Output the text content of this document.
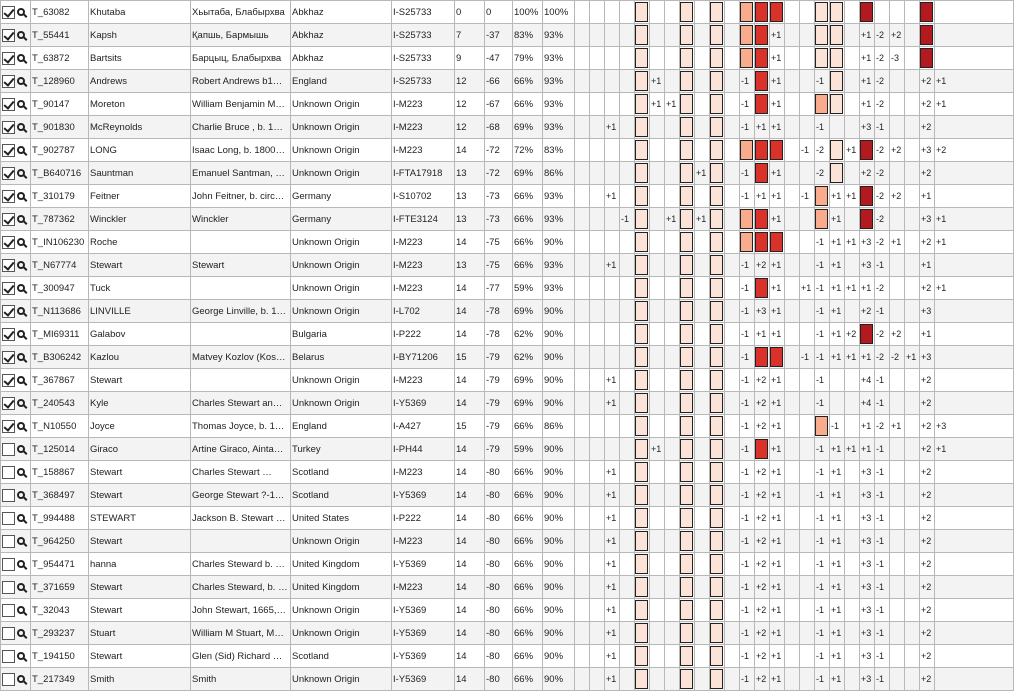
	T_63082	Khutaba	Хьытаба, Блабырхва	Abkhaz	I-S25733	0	0	100%	100%																									
	T_55441	Kapsh	Қапшь, Бармышь	Abkhaz	I-S25733	7	-37	83%	93%														+1						+1	-2	+2			
	T_63872	Bartsits	Барцыц, Блабырхва	Abkhaz	I-S25733	9	-47	79%	93%														+1						+1	-2	-3			
	T_128960	Andrews	Robert Andrews b1…	England	I-S25733	12	-66	66%	93%						+1						-1		+1			-1			+1	-2			+2	+1
	T_90147	Moreton	William Benjamin M…	Unknown Origin	I-M223	12	-67	66%	93%						+1	+1					-1		+1						+1	-2			+2	+1
	T_901830	McReynolds	Charlie Bruce , b. 1…	Unknown Origin	I-M223	12	-68	69%	93%			+1									-1	+1	+1			-1			+3	-1			+2	
	T_902787	LONG	Isaac Long, b. 1800…	Unknown Origin	I-M223	14	-72	72%	83%																-1	-2		+1		-2	+2		+3	+2
	T_B640716	Sauntman	Emanuel Santman, …	Unknown Origin	I-FTA17918	13	-72	69%	86%									+1			-1		+1			-2			+2	-2			+2	
	T_310179	Feitner	John Feitner, b. circ…	Germany	I-S10702	13	-73	66%	93%			+1									-1	+1	+1		-1		+1	+1		-2	+2		+1	
	T_787362	Winckler	Winckler	Germany	I-FTE3124	13	-73	66%	93%				-1			+1		+1					+1				+1			-2			+3	+1
	T_IN106230	Roche		Unknown Origin	I-M223	14	-75	66%	90%																	-1	+1	+1	+3	-2	+1		+2	+1
	T_N67774	Stewart	Stewart	Unknown Origin	I-M223	13	-75	66%	93%			+1									-1	+2	+1			-1	+1		+3	-1			+1	
	T_300947	Tuck		Unknown Origin	I-M223	14	-77	59%	93%												-1		+1		+1	-1	+1	+1	+1	-2			+2	+1
	T_N113686	LINVILLE	George Linville, b. 1…	Unknown Origin	I-L702	14	-78	69%	90%												-1	+3	+1			-1	+1		+2	-1			+3	
	T_MI69311	Galabov		Bulgaria	I-P222	14	-78	62%	90%												-1	+1	+1			-1	+1	+2		-2	+2		+1	
	T_B306242	Kazlou	Matvey Kozlov (Kos…	Belarus	I-BY71206	15	-79	62%	90%												-1				-1	-1	+1	+1	+1	-2	-2	+1	+3	
	T_367867	Stewart		Unknown Origin	I-M223	14	-79	69%	90%			+1									-1	+2	+1			-1			+4	-1			+2	
	T_240543	Kyle	Charles Stewart an…	Unknown Origin	I-Y5369	14	-79	69%	90%			+1									-1	+2	+1			-1			+4	-1			+2	
	T_N10550	Joyce	Thomas Joyce, b. 1…	England	I-A427	15	-79	66%	86%												-1	+2	+1				-1		+1	-2	+1		+2	+3
	T_125014	Giraco	Artine Giraco, Ainta…	Turkey	I-PH44	14	-79	59%	90%						+1						-1		+1			-1	+1	+1	+1	-1			+2	+1
	T_158867	Stewart	Charles Stewart …	Scotland	I-M223	14	-80	66%	90%			+1									-1	+2	+1			-1	+1		+3	-1			+2	
	T_368497	Stewart	George Stewart ?-1…	Scotland	I-Y5369	14	-80	66%	90%			+1									-1	+2	+1			-1	+1		+3	-1			+2	
	T_994488	STEWART	Jackson B. Stewart …	United States	I-P222	14	-80	66%	90%			+1									-1	+2	+1			-1	+1		+3	-1			+2	
	T_964250	Stewart		Unknown Origin	I-M223	14	-80	66%	90%			+1									-1	+2	+1			-1	+1		+3	-1			+2	
	T_954471	hanna	Charles Steward b. …	United Kingdom	I-Y5369	14	-80	66%	90%			+1									-1	+2	+1			-1	+1		+3	-1			+2	
	T_371659	Stewart	Charles Steward, b. …	United Kingdom	I-M223	14	-80	66%	90%			+1									-1	+2	+1			-1	+1		+3	-1			+2	
	T_32043	Stewart	John Stewart, 1665,…	Unknown Origin	I-Y5369	14	-80	66%	90%			+1									-1	+2	+1			-1	+1		+3	-1			+2	
	T_293237	Stuart	William M Stuart, M…	Unknown Origin	I-Y5369	14	-80	66%	90%			+1									-1	+2	+1			-1	+1		+3	-1			+2	
	T_194150	Stewart	Glen (Sid) Richard …	Scotland	I-Y5369	14	-80	66%	90%			+1									-1	+2	+1			-1	+1		+3	-1			+2	
	T_217349	Smith	Smith	Unknown Origin	I-Y5369	14	-80	66%	90%			+1									-1	+2	+1			-1	+1		+3	-1			+2	
